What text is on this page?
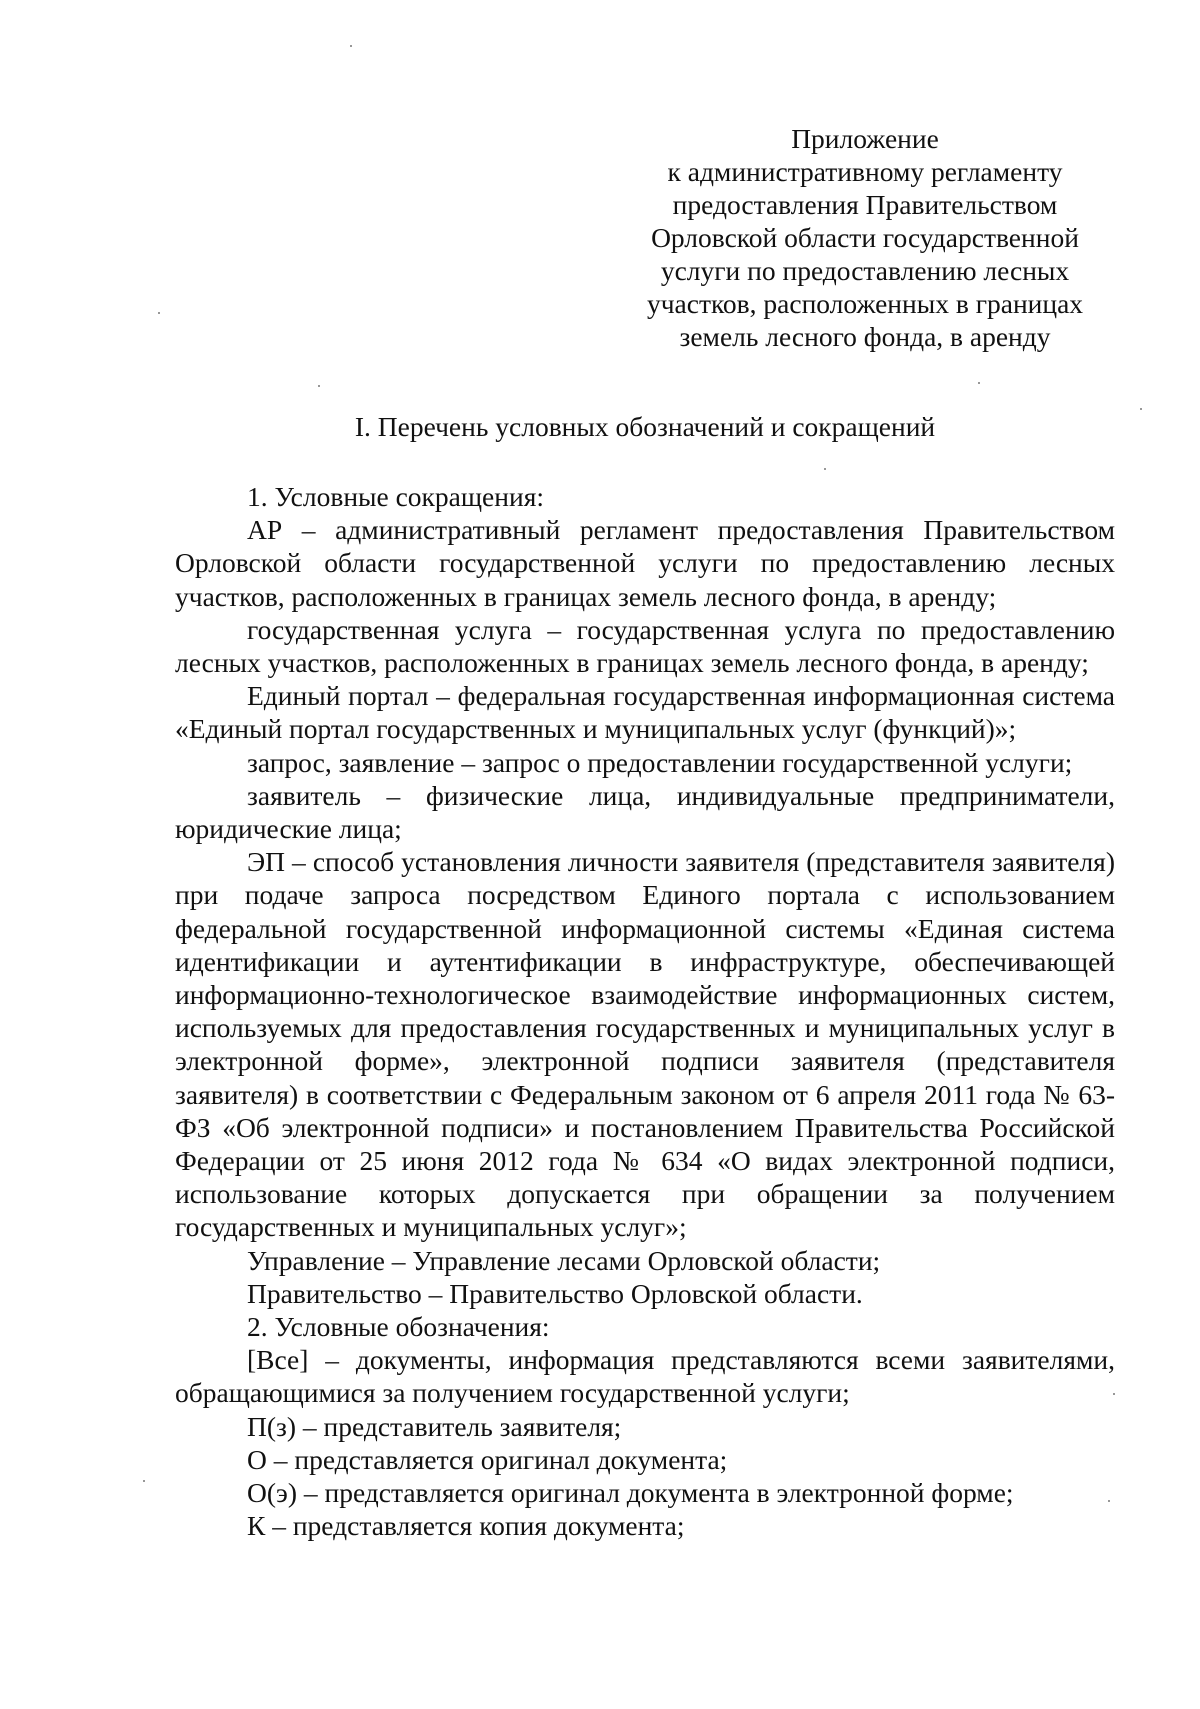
Приложение
к административному регламенту
предоставления Правительством
Орловской области государственной
услуги по предоставлению лесных
участков, расположенных в границах
земель лесного фонда, в аренду
I. Перечень условных обозначений и сокращений

1. Условные сокращения:

АР – административный регламент предоставления Правительством Орловской области государственной услуги по предоставлению лесных участков, расположенных в границах земель лесного фонда, в аренду;

государственная услуга – государственная услуга по предоставлению лесных участков, расположенных в границах земель лесного фонда, в аренду;

Единый портал – федеральная государственная информационная система «Единый портал государственных и муниципальных услуг (функций)»;

запрос, заявление – запрос о предоставлении государственной услуги;

заявитель – физические лица, индивидуальные предприниматели, юридические лица;

ЭП – способ установления личности заявителя (представителя заявителя) при подаче запроса посредством Единого портала с использованием федеральной государственной информационной системы «Единая система идентификации и аутентификации в инфраструктуре, обеспечивающей информационно-технологическое взаимодействие информационных систем, используемых для предоставления государственных и муниципальных услуг в электронной форме», электронной подписи заявителя (представителя заявителя) в соответствии с Федеральным законом от 6 апреля 2011 года № 63-ФЗ «Об электронной подписи» и постановлением Правительства Российской Федерации от 25 июня 2012 года № 634 «О видах электронной подписи, использование которых допускается при обращении за получением государственных и муниципальных услуг»;

Управление – Управление лесами Орловской области;

Правительство – Правительство Орловской области.

2. Условные обозначения:

[Все] – документы, информация представляются всеми заявителями, обращающимися за получением государственной услуги;

П(з) – представитель заявителя;

О – представляется оригинал документа;

О(э) – представляется оригинал документа в электронной форме;

К – представляется копия документа;
